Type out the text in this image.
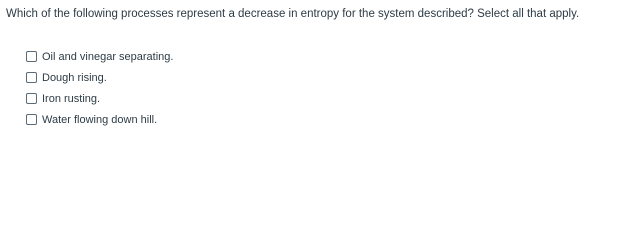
Which of the following processes represent a decrease in entropy for the system described? Select all that apply.

Oil and vinegar separating.
Dough rising.
Iron rusting.
Water flowing down hill.
